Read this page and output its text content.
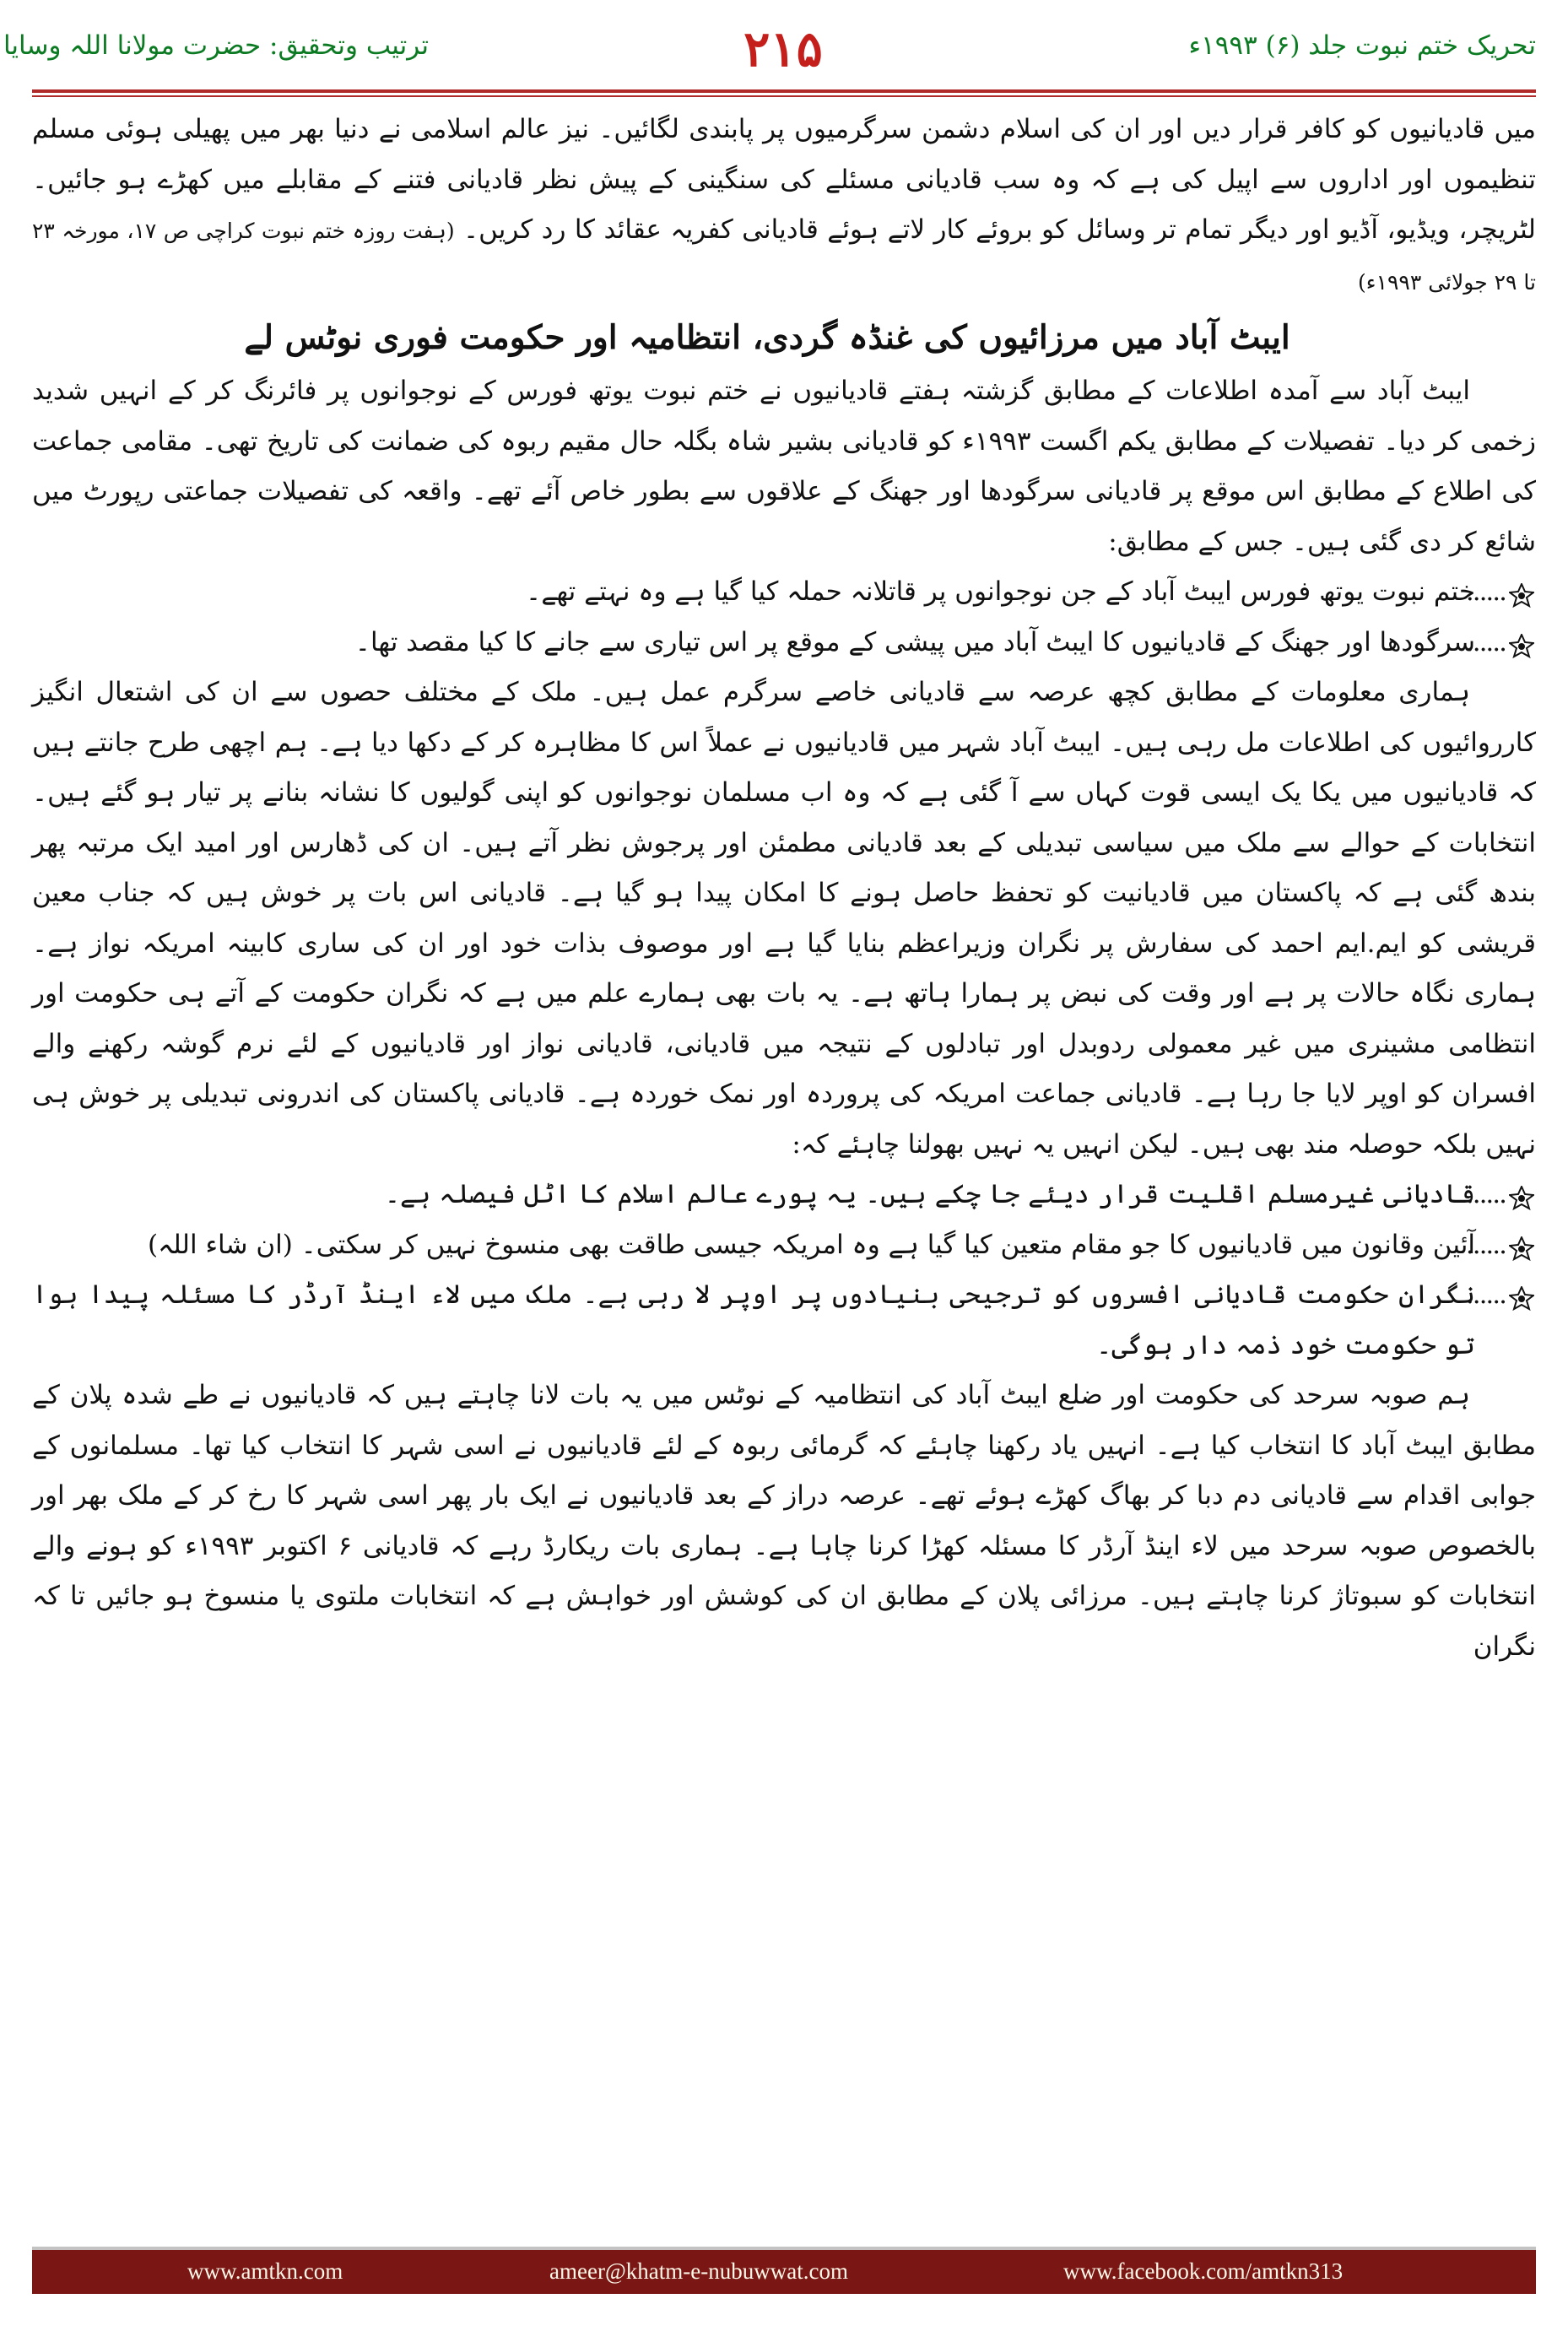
ترتیب وتحقیق: حضرت مولانا اللہ وسایا	۲۱۵	تحریک ختم نبوت جلد (۶) ۱۹۹۳ء

میں قادیانیوں کو کافر قرار دیں اور ان کی اسلام دشمن سرگرمیوں پر پابندی لگائیں۔ نیز عالم اسلامی نے دنیا بھر میں پھیلی ہوئی مسلم تنظیموں اور اداروں سے اپیل کی ہے کہ وہ سب قادیانی مسئلے کی سنگینی کے پیش نظر قادیانی فتنے کے مقابلے میں کھڑے ہو جائیں۔ لٹریچر، ویڈیو، آڈیو اور دیگر تمام تر وسائل کو بروئے کار لاتے ہوئے قادیانی کفریہ عقائد کا رد کریں۔ (ہفت روزہ ختم نبوت کراچی ص ۱۷، مورخہ ۲۳ تا ۲۹ جولائی ۱۹۹۳ء)

ایبٹ آباد میں مرزائیوں کی غنڈہ گردی، انتظامیہ اور حکومت فوری نوٹس لے

ایبٹ آباد سے آمدہ اطلاعات کے مطابق گزشتہ ہفتے قادیانیوں نے ختم نبوت یوتھ فورس کے نوجوانوں پر فائرنگ کر کے انہیں شدید زخمی کر دیا۔ تفصیلات کے مطابق یکم اگست ۱۹۹۳ء کو قادیانی بشیر شاہ بگلہ حال مقیم ربوہ کی ضمانت کی تاریخ تھی۔ مقامی جماعت کی اطلاع کے مطابق اس موقع پر قادیانی سرگودھا اور جھنگ کے علاقوں سے بطور خاص آئے تھے۔ واقعہ کی تفصیلات جماعتی رپورٹ میں شائع کر دی گئی ہیں۔ جس کے مطابق:

......
ختم نبوت یوتھ فورس ایبٹ آباد کے جن نوجوانوں پر قاتلانہ حملہ کیا گیا ہے وہ نہتے تھے۔
......
سرگودھا اور جھنگ کے قادیانیوں کا ایبٹ آباد میں پیشی کے موقع پر اس تیاری سے جانے کا کیا مقصد تھا۔

ہماری معلومات کے مطابق کچھ عرصہ سے قادیانی خاصے سرگرم عمل ہیں۔ ملک کے مختلف حصوں سے ان کی اشتعال انگیز کارروائیوں کی اطلاعات مل رہی ہیں۔ ایبٹ آباد شہر میں قادیانیوں نے عملاً اس کا مظاہرہ کر کے دکھا دیا ہے۔ ہم اچھی طرح جانتے ہیں کہ قادیانیوں میں یکا یک ایسی قوت کہاں سے آ گئی ہے کہ وہ اب مسلمان نوجوانوں کو اپنی گولیوں کا نشانہ بنانے پر تیار ہو گئے ہیں۔ انتخابات کے حوالے سے ملک میں سیاسی تبدیلی کے بعد قادیانی مطمئن اور پرجوش نظر آتے ہیں۔ ان کی ڈھارس اور امید ایک مرتبہ پھر بندھ گئی ہے کہ پاکستان میں قادیانیت کو تحفظ حاصل ہونے کا امکان پیدا ہو گیا ہے۔ قادیانی اس بات پر خوش ہیں کہ جناب معین قریشی کو ایم.ایم احمد کی سفارش پر نگران وزیراعظم بنایا گیا ہے اور موصوف بذات خود اور ان کی ساری کابینہ امریکہ نواز ہے۔ ہماری نگاہ حالات پر ہے اور وقت کی نبض پر ہمارا ہاتھ ہے۔ یہ بات بھی ہمارے علم میں ہے کہ نگران حکومت کے آتے ہی حکومت اور انتظامی مشینری میں غیر معمولی ردوبدل اور تبادلوں کے نتیجہ میں قادیانی، قادیانی نواز اور قادیانیوں کے لئے نرم گوشہ رکھنے والے افسران کو اوپر لایا جا رہا ہے۔ قادیانی جماعت امریکہ کی پروردہ اور نمک خوردہ ہے۔ قادیانی پاکستان کی اندرونی تبدیلی پر خوش ہی نہیں بلکہ حوصلہ مند بھی ہیں۔ لیکن انہیں یہ نہیں بھولنا چاہئے کہ:

......
قادیانی غیرمسلم اقلیت قرار دیئے جا چکے ہیں۔ یہ پورے عالم اسلام کا اٹل فیصلہ ہے۔
......
آئین وقانون میں قادیانیوں کا جو مقام متعین کیا گیا ہے وہ امریکہ جیسی طاقت بھی منسوخ نہیں کر سکتی۔ (ان شاء اللہ)
......
نگران حکومت قادیانی افسروں کو ترجیحی بنیادوں پر اوپر لا رہی ہے۔ ملک میں لاء اینڈ آرڈر کا مسئلہ پیدا ہوا تو حکومت خود ذمہ دار ہوگی۔

ہم صوبہ سرحد کی حکومت اور ضلع ایبٹ آباد کی انتظامیہ کے نوٹس میں یہ بات لانا چاہتے ہیں کہ قادیانیوں نے طے شدہ پلان کے مطابق ایبٹ آباد کا انتخاب کیا ہے۔ انہیں یاد رکھنا چاہئے کہ گرمائی ربوہ کے لئے قادیانیوں نے اسی شہر کا انتخاب کیا تھا۔ مسلمانوں کے جوابی اقدام سے قادیانی دم دبا کر بھاگ کھڑے ہوئے تھے۔ عرصہ دراز کے بعد قادیانیوں نے ایک بار پھر اسی شہر کا رخ کر کے ملک بھر اور بالخصوص صوبہ سرحد میں لاء اینڈ آرڈر کا مسئلہ کھڑا کرنا چاہا ہے۔ ہماری بات ریکارڈ رہے کہ قادیانی ۶ اکتوبر ۱۹۹۳ء کو ہونے والے انتخابات کو سبوتاژ کرنا چاہتے ہیں۔ مرزائی پلان کے مطابق ان کی کوشش اور خواہش ہے کہ انتخابات ملتوی یا منسوخ ہو جائیں تا کہ نگران

www.amtkn.com	ameer@khatm-e-nubuwwat.com	www.facebook.com/amtkn313
